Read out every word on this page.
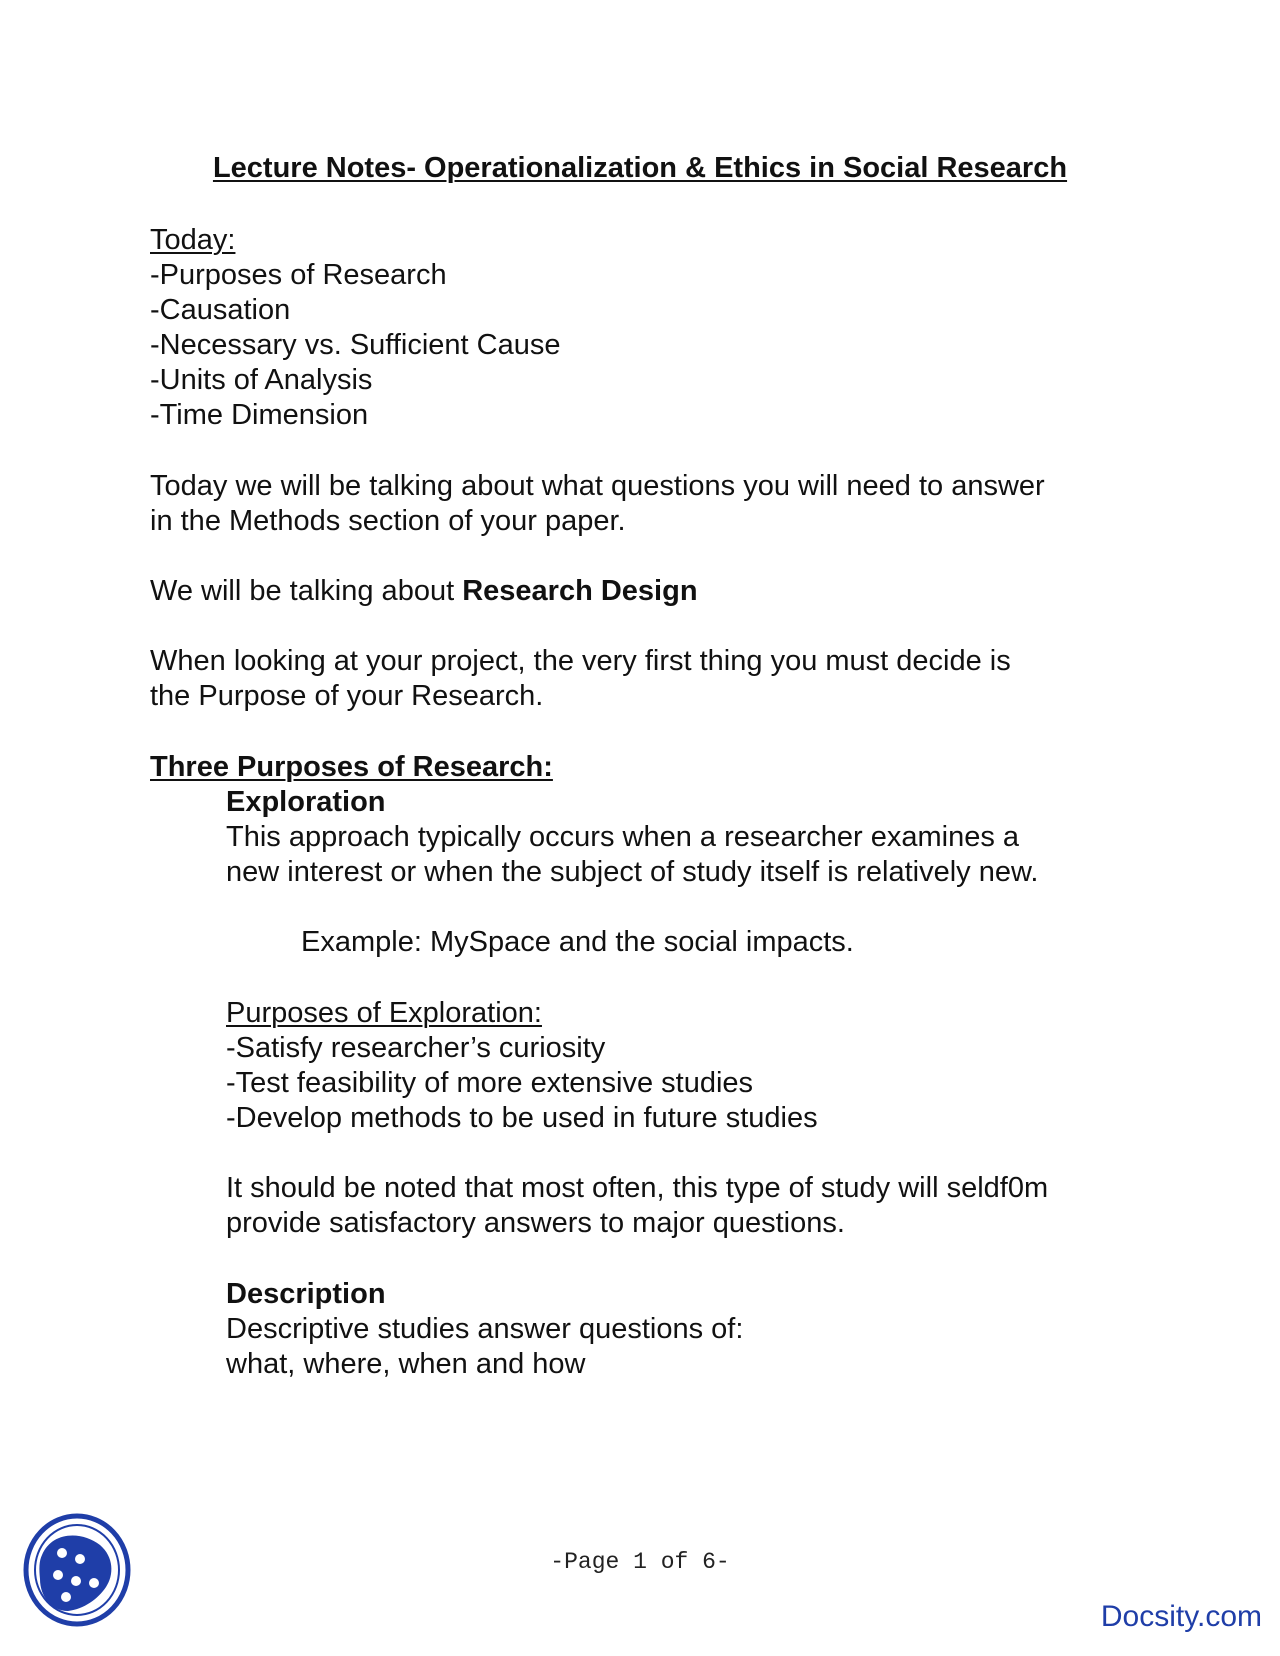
Lecture Notes- Operationalization & Ethics in Social Research
Today:
-Purposes of Research
-Causation
-Necessary vs. Sufficient Cause
-Units of Analysis
-Time Dimension
Today we will be talking about what questions you will need to answer
in the Methods section of your paper.
We will be talking about Research Design
When looking at your project, the very first thing you must decide is
the Purpose of your Research.
Three Purposes of Research:
Exploration
This approach typically occurs when a researcher examines a
new interest or when the subject of study itself is relatively new.
Example: MySpace and the social impacts.
Purposes of Exploration:
-Satisfy researcher’s curiosity
-Test feasibility of more extensive studies
-Develop methods to be used in future studies
It should be noted that most often, this type of study will seldf0m
provide satisfactory answers to major questions.
Description
Descriptive studies answer questions of:
what, where, when and how
-Page 1 of 6-
Docsity.com
